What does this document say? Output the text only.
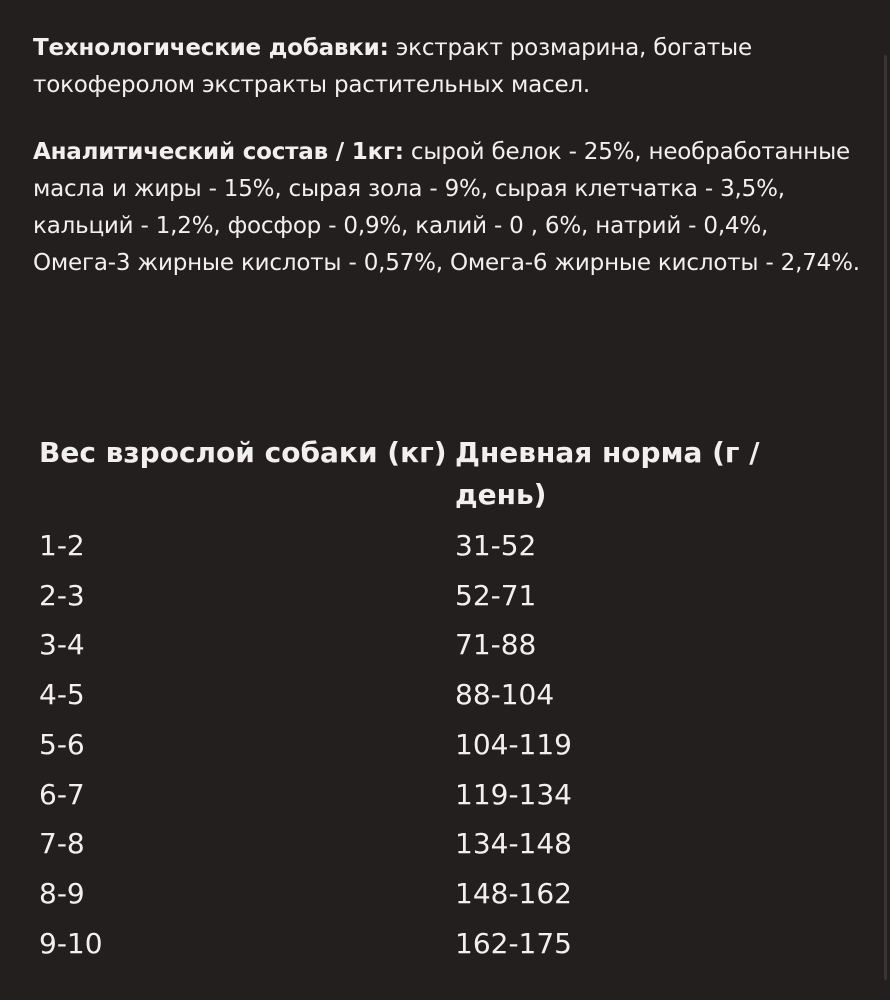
Технологические добавки: экстракт розмарина, богатые токоферолом экстракты растительных масел.

Аналитический состав / 1кг: сырой белок - 25%, необработанные масла и жиры - 15%, сырая зола - 9%, сырая клетчатка - 3,5%, кальций - 1,2%, фосфор - 0,9%, калий - 0 , 6%, натрий - 0,4%, Омега-3 жирные кислоты - 0,57%, Омега-6 жирные кислоты - 2,74%.

Вес взрослой собаки (кг)	Дневная норма (г / день)
1-2	31-52
2-3	52-71
3-4	71-88
4-5	88-104
5-6	104-119
6-7	119-134
7-8	134-148
8-9	148-162
9-10	162-175
